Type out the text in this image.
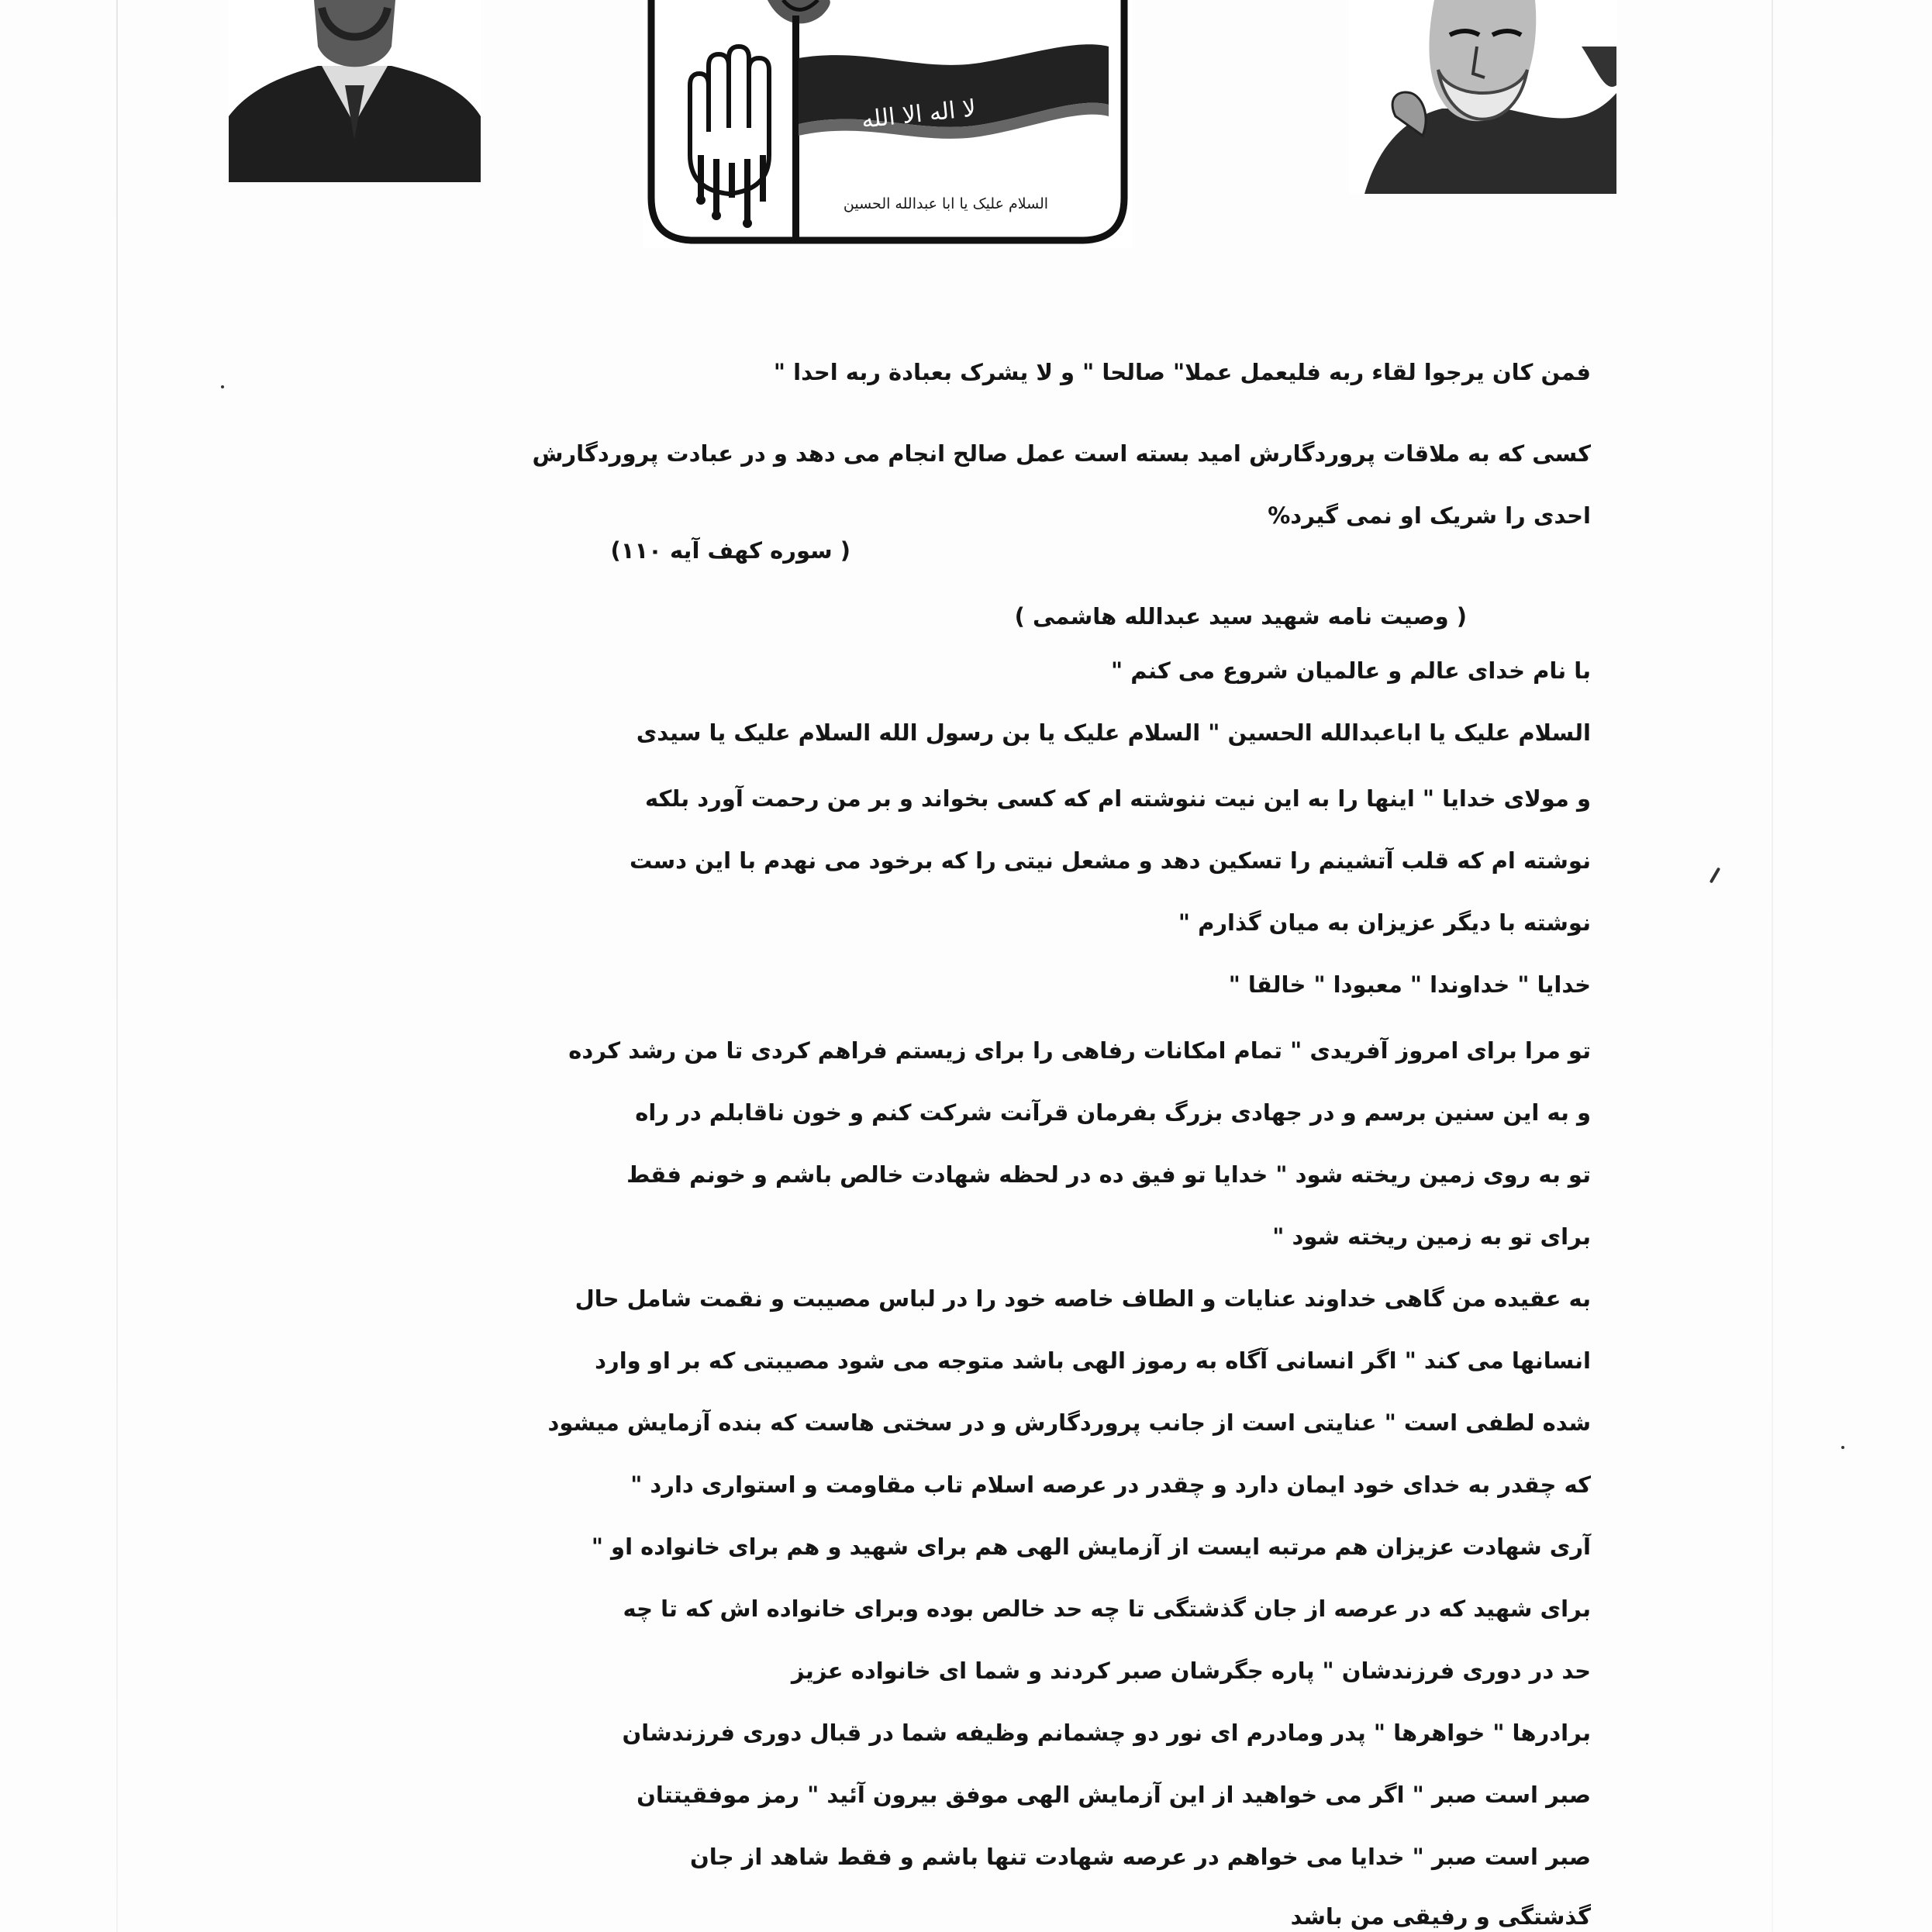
لا اله الا الله
السلام علیک یا ابا عبدالله الحسین
فمن کان یرجوا لقاء ربه فلیعمل عملا" صالحا " و لا یشرک بعبادة ربه احدا "
کسی که به ملاقات پروردگارش امید بسته است عمل صالح انجام می دهد و در عبادت پروردگارش
احدی را شریک او نمی گیرد%
( سوره کهف آیه ۱۱۰)
( وصیت نامه شهید سید عبدالله هاشمی )
با نام خدای عالم و عالمیان شروع می کنم "
السلام علیک یا اباعبدالله الحسین " السلام علیک یا بن رسول الله السلام علیک یا سیدی
و مولای خدایا " اینها را به این نیت ننوشته ام که کسی بخواند و بر من رحمت آورد بلکه
نوشته ام که قلب آتشینم را تسکین دهد و مشعل نیتی را که برخود می نهدم با این دست
نوشته با دیگر عزیزان به میان گذارم "
خدایا " خداوندا " معبودا " خالقا "
تو مرا برای امروز آفریدی " تمام امکانات رفاهی را برای زیستم فراهم کردی تا من رشد کرده
و به این سنین برسم و در جهادی بزرگ بفرمان قرآنت شرکت کنم و خون ناقابلم در راه
تو به روی زمین ریخته شود " خدایا تو فیق ده در لحظه شهادت خالص باشم و خونم فقط
برای تو به زمین ریخته شود "
به عقیده من گاهی خداوند عنایات و الطاف خاصه خود را در لباس مصیبت و نقمت شامل حال
انسانها می کند " اگر انسانی آگاه به رموز الهی باشد متوجه می شود مصیبتی که بر او وارد
شده لطفی است " عنایتی است از جانب پروردگارش و در سختی هاست که بنده آزمایش میشود
که چقدر به خدای خود ایمان دارد و چقدر در عرصه اسلام تاب مقاومت و استواری دارد "
آری شهادت عزیزان هم مرتبه ایست از آزمایش الهی هم برای شهید و هم برای خانواده او "
برای شهید که در عرصه از جان گذشتگی تا چه حد خالص بوده وبرای خانواده اش که تا چه
حد در دوری فرزندشان " پاره جگرشان صبر کردند و شما ای خانواده عزیز
برادرها " خواهرها " پدر ومادرم ای نور دو چشمانم وظیفه شما در قبال دوری فرزندشان
صبر است صبر " اگر می خواهید از این آزمایش الهی موفق بیرون آئید " رمز موفقیتتان
صبر است صبر " خدایا می خواهم در عرصه شهادت تنها باشم و فقط شاهد از جان
گذشتگی و رفیقی من باشد
